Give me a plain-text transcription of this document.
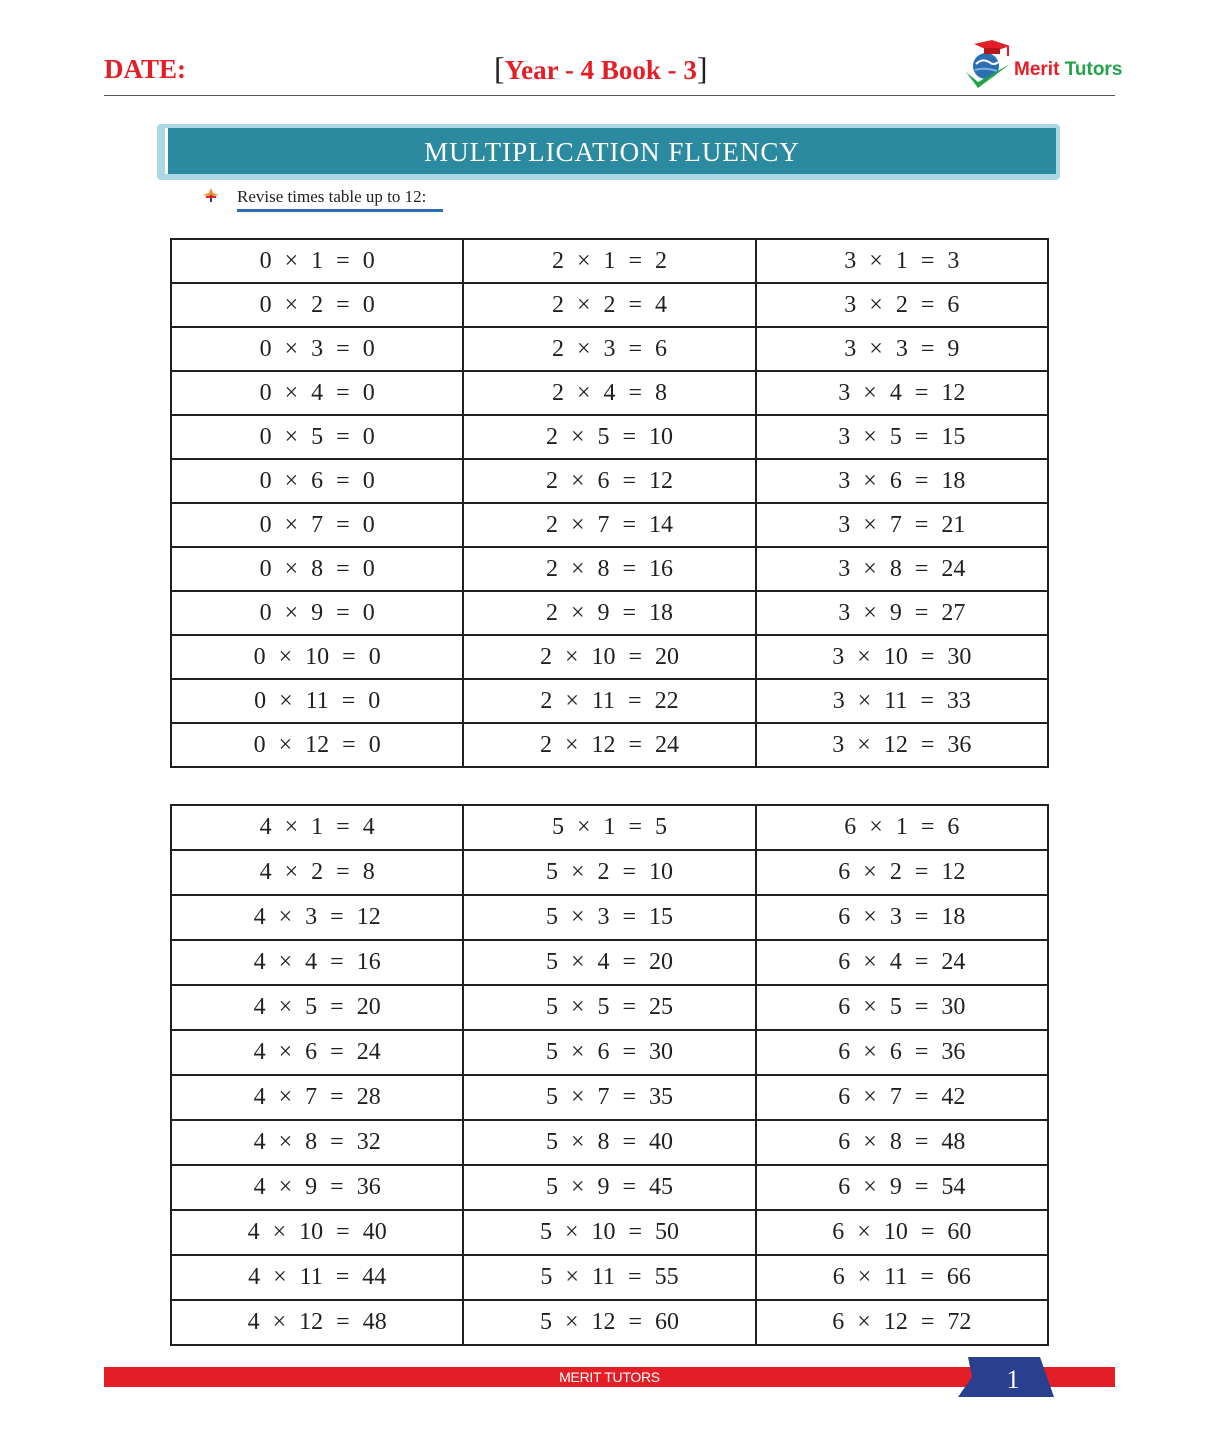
DATE:	[Year - 4 Book - 3]	Merit Tutors
MULTIPLICATION FLUENCY
Revise times table up to 12:
0 × 1 = 0	2 × 1 = 2	3 × 1 = 3
0 × 2 = 0	2 × 2 = 4	3 × 2 = 6
0 × 3 = 0	2 × 3 = 6	3 × 3 = 9
0 × 4 = 0	2 × 4 = 8	3 × 4 = 12
0 × 5 = 0	2 × 5 = 10	3 × 5 = 15
0 × 6 = 0	2 × 6 = 12	3 × 6 = 18
0 × 7 = 0	2 × 7 = 14	3 × 7 = 21
0 × 8 = 0	2 × 8 = 16	3 × 8 = 24
0 × 9 = 0	2 × 9 = 18	3 × 9 = 27
0 × 10 = 0	2 × 10 = 20	3 × 10 = 30
0 × 11 = 0	2 × 11 = 22	3 × 11 = 33
0 × 12 = 0	2 × 12 = 24	3 × 12 = 36
4 × 1 = 4	5 × 1 = 5	6 × 1 = 6
4 × 2 = 8	5 × 2 = 10	6 × 2 = 12
4 × 3 = 12	5 × 3 = 15	6 × 3 = 18
4 × 4 = 16	5 × 4 = 20	6 × 4 = 24
4 × 5 = 20	5 × 5 = 25	6 × 5 = 30
4 × 6 = 24	5 × 6 = 30	6 × 6 = 36
4 × 7 = 28	5 × 7 = 35	6 × 7 = 42
4 × 8 = 32	5 × 8 = 40	6 × 8 = 48
4 × 9 = 36	5 × 9 = 45	6 × 9 = 54
4 × 10 = 40	5 × 10 = 50	6 × 10 = 60
4 × 11 = 44	5 × 11 = 55	6 × 11 = 66
4 × 12 = 48	5 × 12 = 60	6 × 12 = 72
MERIT TUTORS	1
